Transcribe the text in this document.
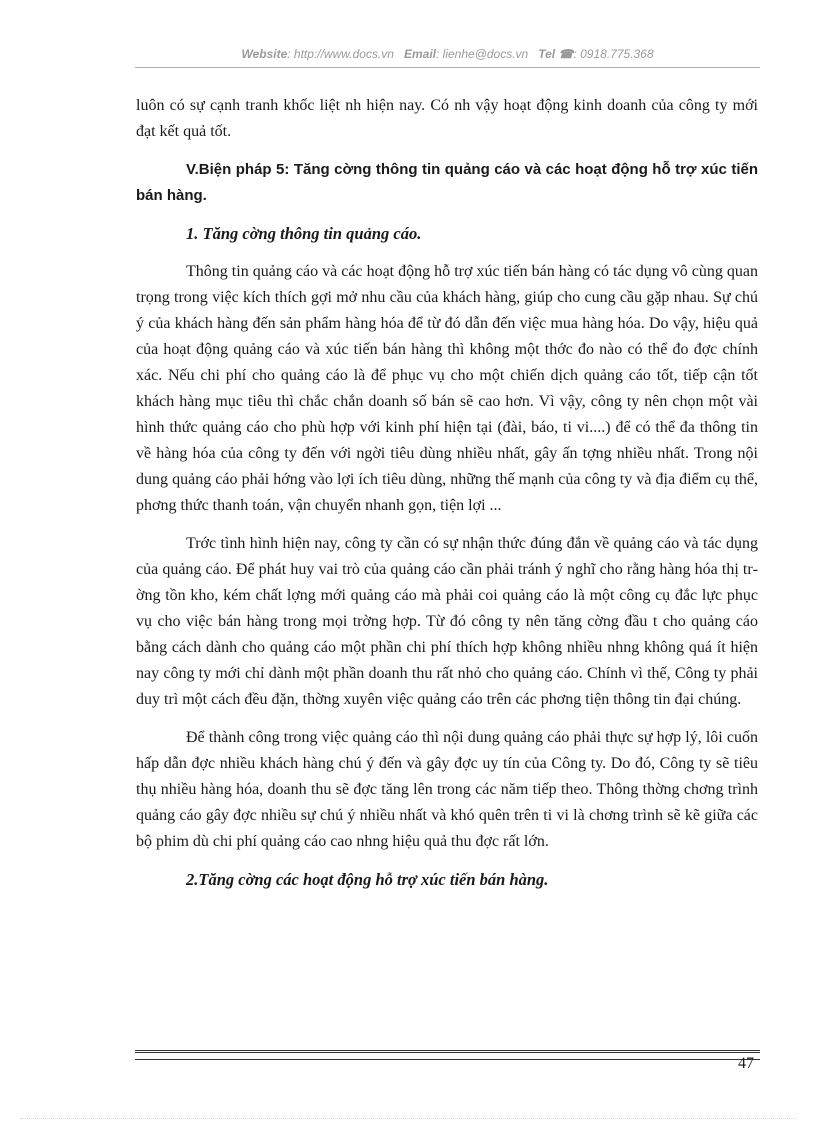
Website: http://www.docs.vn Email: lienhe@docs.vn Tel ☎: 0918.775.368

luôn có sự cạnh tranh khốc liệt nh hiện nay. Có nh vậy hoạt động kinh doanh của công ty mới đạt kết quả tốt.

V.Biện pháp 5: Tăng cờng thông tin quảng cáo và các hoạt động hỗ trợ xúc tiến bán hàng.

1. Tăng cờng thông tin quảng cáo.

Thông tin quảng cáo và các hoạt động hỗ trợ xúc tiến bán hàng có tác dụng vô cùng quan trọng trong việc kích thích gợi mở nhu cầu của khách hàng, giúp cho cung cầu gặp nhau. Sự chú ý của khách hàng đến sản phẩm hàng hóa để từ đó dẫn đến việc mua hàng hóa. Do vậy, hiệu quả của hoạt động quảng cáo và xúc tiến bán hàng thì không một thớc đo nào có thể đo đợc chính xác. Nếu chi phí cho quảng cáo là để phục vụ cho một chiến dịch quảng cáo tốt, tiếp cận tốt khách hàng mục tiêu thì chắc chắn doanh số bán sẽ cao hơn. Vì vậy, công ty nên chọn một vài hình thức quảng cáo cho phù hợp với kinh phí hiện tại (đài, báo, ti vi....) để có thể đa thông tin về hàng hóa của công ty đến với ngời tiêu dùng nhiều nhất, gây ấn tợng nhiều nhất. Trong nội dung quảng cáo phải hớng vào lợi ích tiêu dùng, những thế mạnh của công ty và địa điểm cụ thể, phơng thức thanh toán, vận chuyển nhanh gọn, tiện lợi ...

Trớc tình hình hiện nay, công ty cần có sự nhận thức đúng đắn về quảng cáo và tác dụng của quảng cáo. Để phát huy vai trò của quảng cáo cần phải tránh ý nghĩ cho rằng hàng hóa thị trờng tồn kho, kém chất lợng mới quảng cáo mà phải coi quảng cáo là một công cụ đắc lực phục vụ cho việc bán hàng trong mọi trờng hợp. Từ đó công ty nên tăng cờng đầu t cho quảng cáo bằng cách dành cho quảng cáo một phần chi phí thích hợp không nhiều nhng không quá ít hiện nay công ty mới chỉ dành một phần doanh thu rất nhỏ cho quảng cáo. Chính vì thế, Công ty phải duy trì một cách đều đặn, thờng xuyên việc quảng cáo trên các phơng tiện thông tin đại chúng.

Để thành công trong việc quảng cáo thì nội dung quảng cáo phải thực sự hợp lý, lôi cuốn hấp dẫn đợc nhiều khách hàng chú ý đến và gây đợc uy tín của Công ty. Do đó, Công ty sẽ tiêu thụ nhiều hàng hóa, doanh thu sẽ đợc tăng lên trong các năm tiếp theo. Thông thờng chơng trình quảng cáo gây đợc nhiều sự chú ý nhiều nhất và khó quên trên ti vi là chơng trình sẽ kẽ giữa các bộ phim dù chi phí quảng cáo cao nhng hiệu quả thu đợc rất lớn.

2.Tăng cờng các hoạt động hỗ trợ xúc tiến bán hàng.

47
